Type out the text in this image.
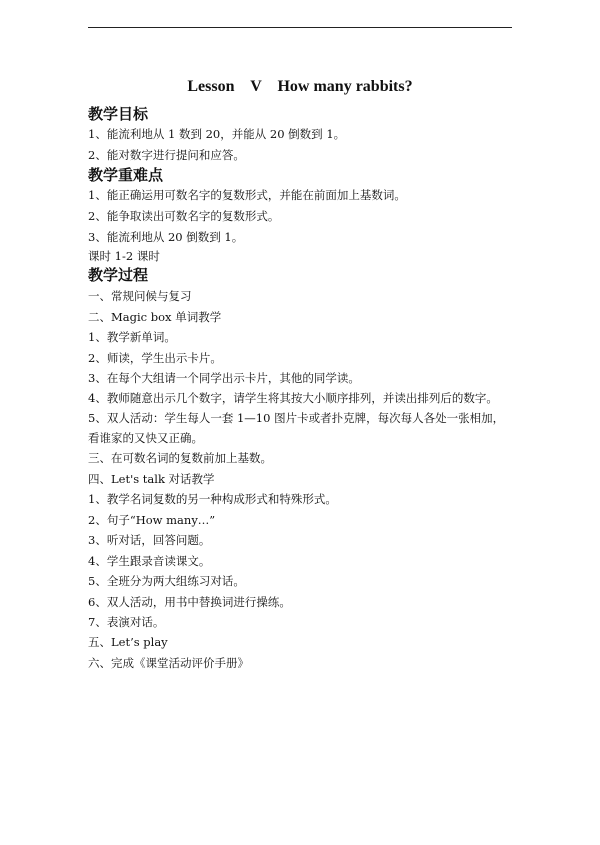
Lesson    V    How many rabbits?
教学目标
1、能流利地从 1 数到 20，并能从 20 倒数到 1。
2、能对数字进行提问和应答。
教学重难点
1、能正确运用可数名字的复数形式，并能在前面加上基数词。
2、能争取读出可数名字的复数形式。
3、能流利地从 20 倒数到 1。
课时 1-2 课时
教学过程
一、常规问候与复习
二、Magic box 单词教学
1、教学新单词。
2、师读，学生出示卡片。
3、在每个大组请一个同学出示卡片，其他的同学读。
4、教师随意出示几个数字，请学生将其按大小顺序排列，并读出排列后的数字。
5、双人活动：学生每人一套 1—10 图片卡或者扑克牌，每次每人各处一张相加，
看谁家的又快又正确。
三、在可数名词的复数前加上基数。
四、Let's talk 对话教学
1、教学名词复数的另一种构成形式和特殊形式。
2、句子“How many…”
3、听对话，回答问题。
4、学生跟录音读课文。
5、全班分为两大组练习对话。
6、双人活动，用书中替换词进行操练。
7、表演对话。
五、Let’s play
六、完成《课堂活动评价手册》
